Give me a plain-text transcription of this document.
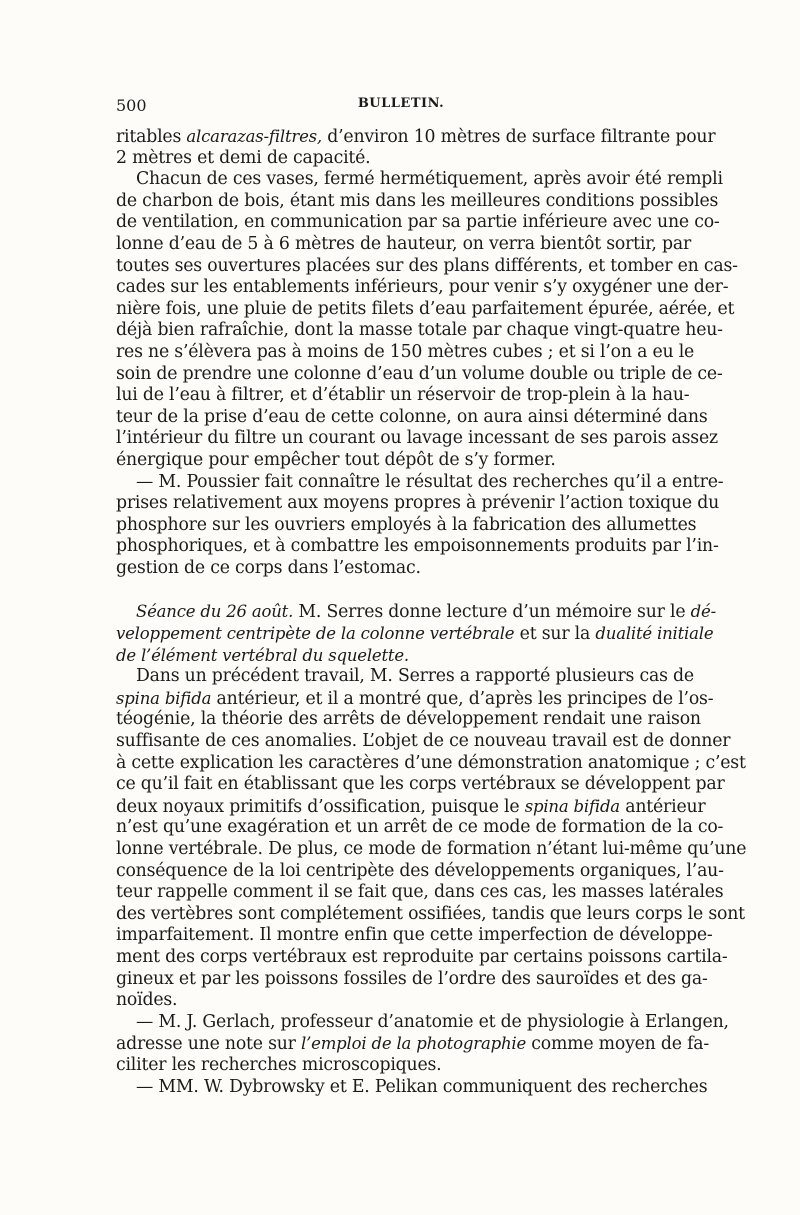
500	BULLETIN.
ritables alcarazas-filtres, d’environ 10 mètres de surface filtrante pour
2 mètres et demi de capacité.
Chacun de ces vases, fermé hermétiquement, après avoir été rempli
de charbon de bois, étant mis dans les meilleures conditions possibles
de ventilation, en communication par sa partie inférieure avec une co-
lonne d’eau de 5 à 6 mètres de hauteur, on verra bientôt sortir, par
toutes ses ouvertures placées sur des plans différents, et tomber en cas-
cades sur les entablements inférieurs, pour venir s’y oxygéner une der-
nière fois, une pluie de petits filets d’eau parfaitement épurée, aérée, et
déjà bien rafraîchie, dont la masse totale par chaque vingt-quatre heu-
res ne s’élèvera pas à moins de 150 mètres cubes ; et si l’on a eu le
soin de prendre une colonne d’eau d’un volume double ou triple de ce-
lui de l’eau à filtrer, et d’établir un réservoir de trop-plein à la hau-
teur de la prise d’eau de cette colonne, on aura ainsi déterminé dans
l’intérieur du filtre un courant ou lavage incessant de ses parois assez
énergique pour empêcher tout dépôt de s’y former.
— M. Poussier fait connaître le résultat des recherches qu’il a entre-
prises relativement aux moyens propres à prévenir l’action toxique du
phosphore sur les ouvriers employés à la fabrication des allumettes
phosphoriques, et à combattre les empoisonnements produits par l’in-
gestion de ce corps dans l’estomac.
Séance du 26 août. M. Serres donne lecture d’un mémoire sur le dé-
veloppement centripète de la colonne vertébrale et sur la dualité initiale
de l’élément vertébral du squelette.
Dans un précédent travail, M. Serres a rapporté plusieurs cas de
spina bifida antérieur, et il a montré que, d’après les principes de l’os-
téogénie, la théorie des arrêts de développement rendait une raison
suffisante de ces anomalies. L’objet de ce nouveau travail est de donner
à cette explication les caractères d’une démonstration anatomique ; c’est
ce qu’il fait en établissant que les corps vertébraux se développent par
deux noyaux primitifs d’ossification, puisque le spina bifida antérieur
n’est qu’une exagération et un arrêt de ce mode de formation de la co-
lonne vertébrale. De plus, ce mode de formation n’étant lui-même qu’une
conséquence de la loi centripète des développements organiques, l’au-
teur rappelle comment il se fait que, dans ces cas, les masses latérales
des vertèbres sont complétement ossifiées, tandis que leurs corps le sont
imparfaitement. Il montre enfin que cette imperfection de développe-
ment des corps vertébraux est reproduite par certains poissons cartila-
gineux et par les poissons fossiles de l’ordre des sauroïdes et des ga-
noïdes.
— M. J. Gerlach, professeur d’anatomie et de physiologie à Erlangen,
adresse une note sur l’emploi de la photographie comme moyen de fa-
ciliter les recherches microscopiques.
— MM. W. Dybrowsky et E. Pelikan communiquent des recherches
